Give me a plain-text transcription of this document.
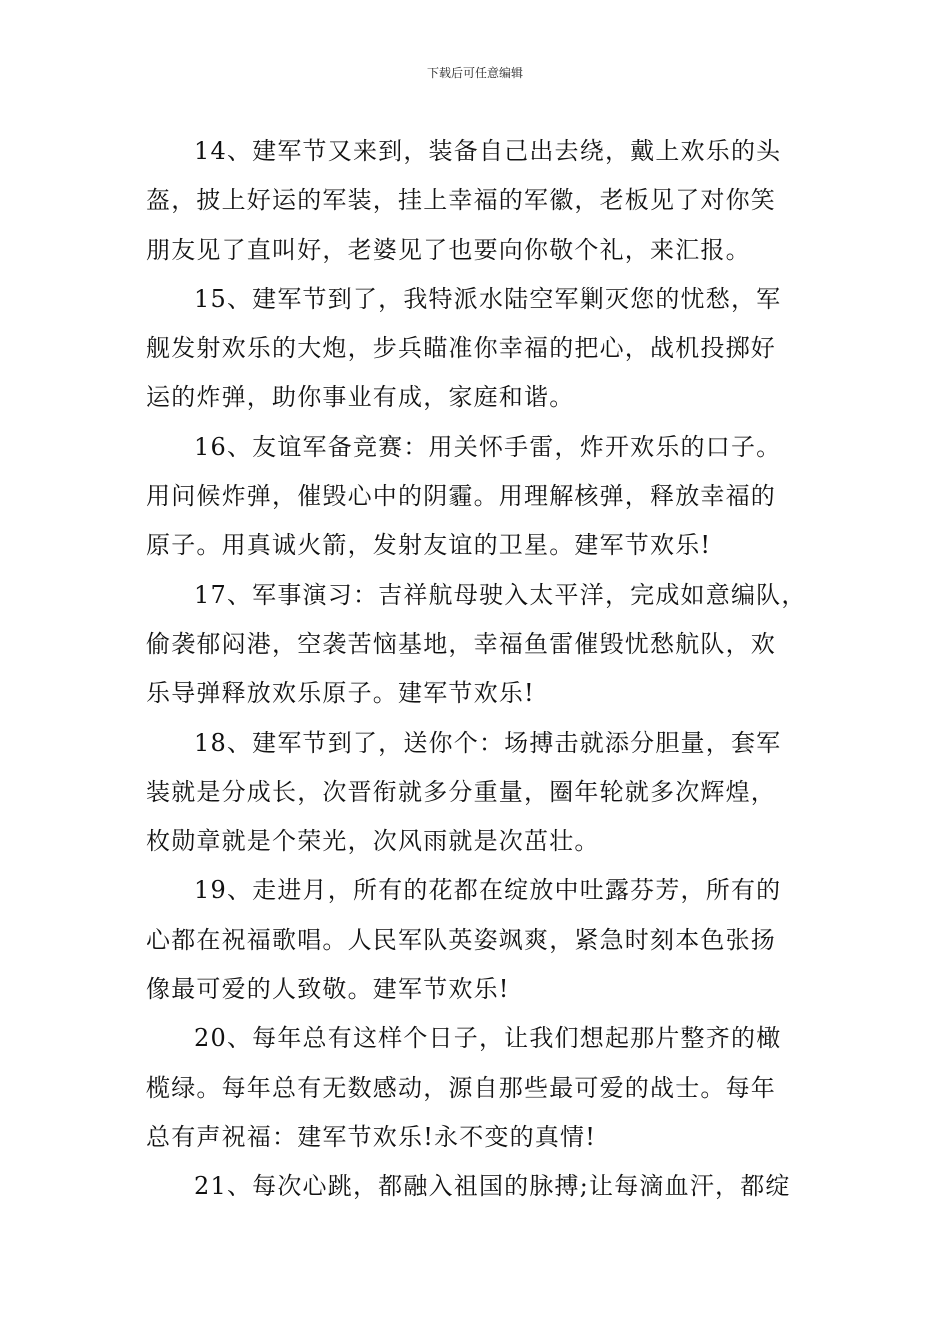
下载后可任意编辑

14、建军节又来到，装备自己出去绕，戴上欢乐的头
盔，披上好运的军装，挂上幸福的军徽，老板见了对你笑
朋友见了直叫好，老婆见了也要向你敬个礼，来汇报。

15、建军节到了，我特派水陆空军剿灭您的忧愁，军
舰发射欢乐的大炮，步兵瞄准你幸福的把心，战机投掷好
运的炸弹，助你事业有成，家庭和谐。

16、友谊军备竞赛：用关怀手雷，炸开欢乐的口子。
用问候炸弹，催毁心中的阴霾。用理解核弹，释放幸福的
原子。用真诚火箭，发射友谊的卫星。建军节欢乐!

17、军事演习：吉祥航母驶入太平洋，完成如意编队，
偷袭郁闷港，空袭苦恼基地，幸福鱼雷催毁忧愁航队，欢
乐导弹释放欢乐原子。建军节欢乐!

18、建军节到了，送你个：场搏击就添分胆量，套军
装就是分成长，次晋衔就多分重量，圈年轮就多次辉煌，
枚勋章就是个荣光，次风雨就是次茁壮。

19、走进月，所有的花都在绽放中吐露芬芳，所有的
心都在祝福歌唱。人民军队英姿飒爽，紧急时刻本色张扬
像最可爱的人致敬。建军节欢乐!

20、每年总有这样个日子，让我们想起那片整齐的橄
榄绿。每年总有无数感动，源自那些最可爱的战士。每年
总有声祝福：建军节欢乐!永不变的真情!

21、每次心跳，都融入祖国的脉搏;让每滴血汗，都绽
